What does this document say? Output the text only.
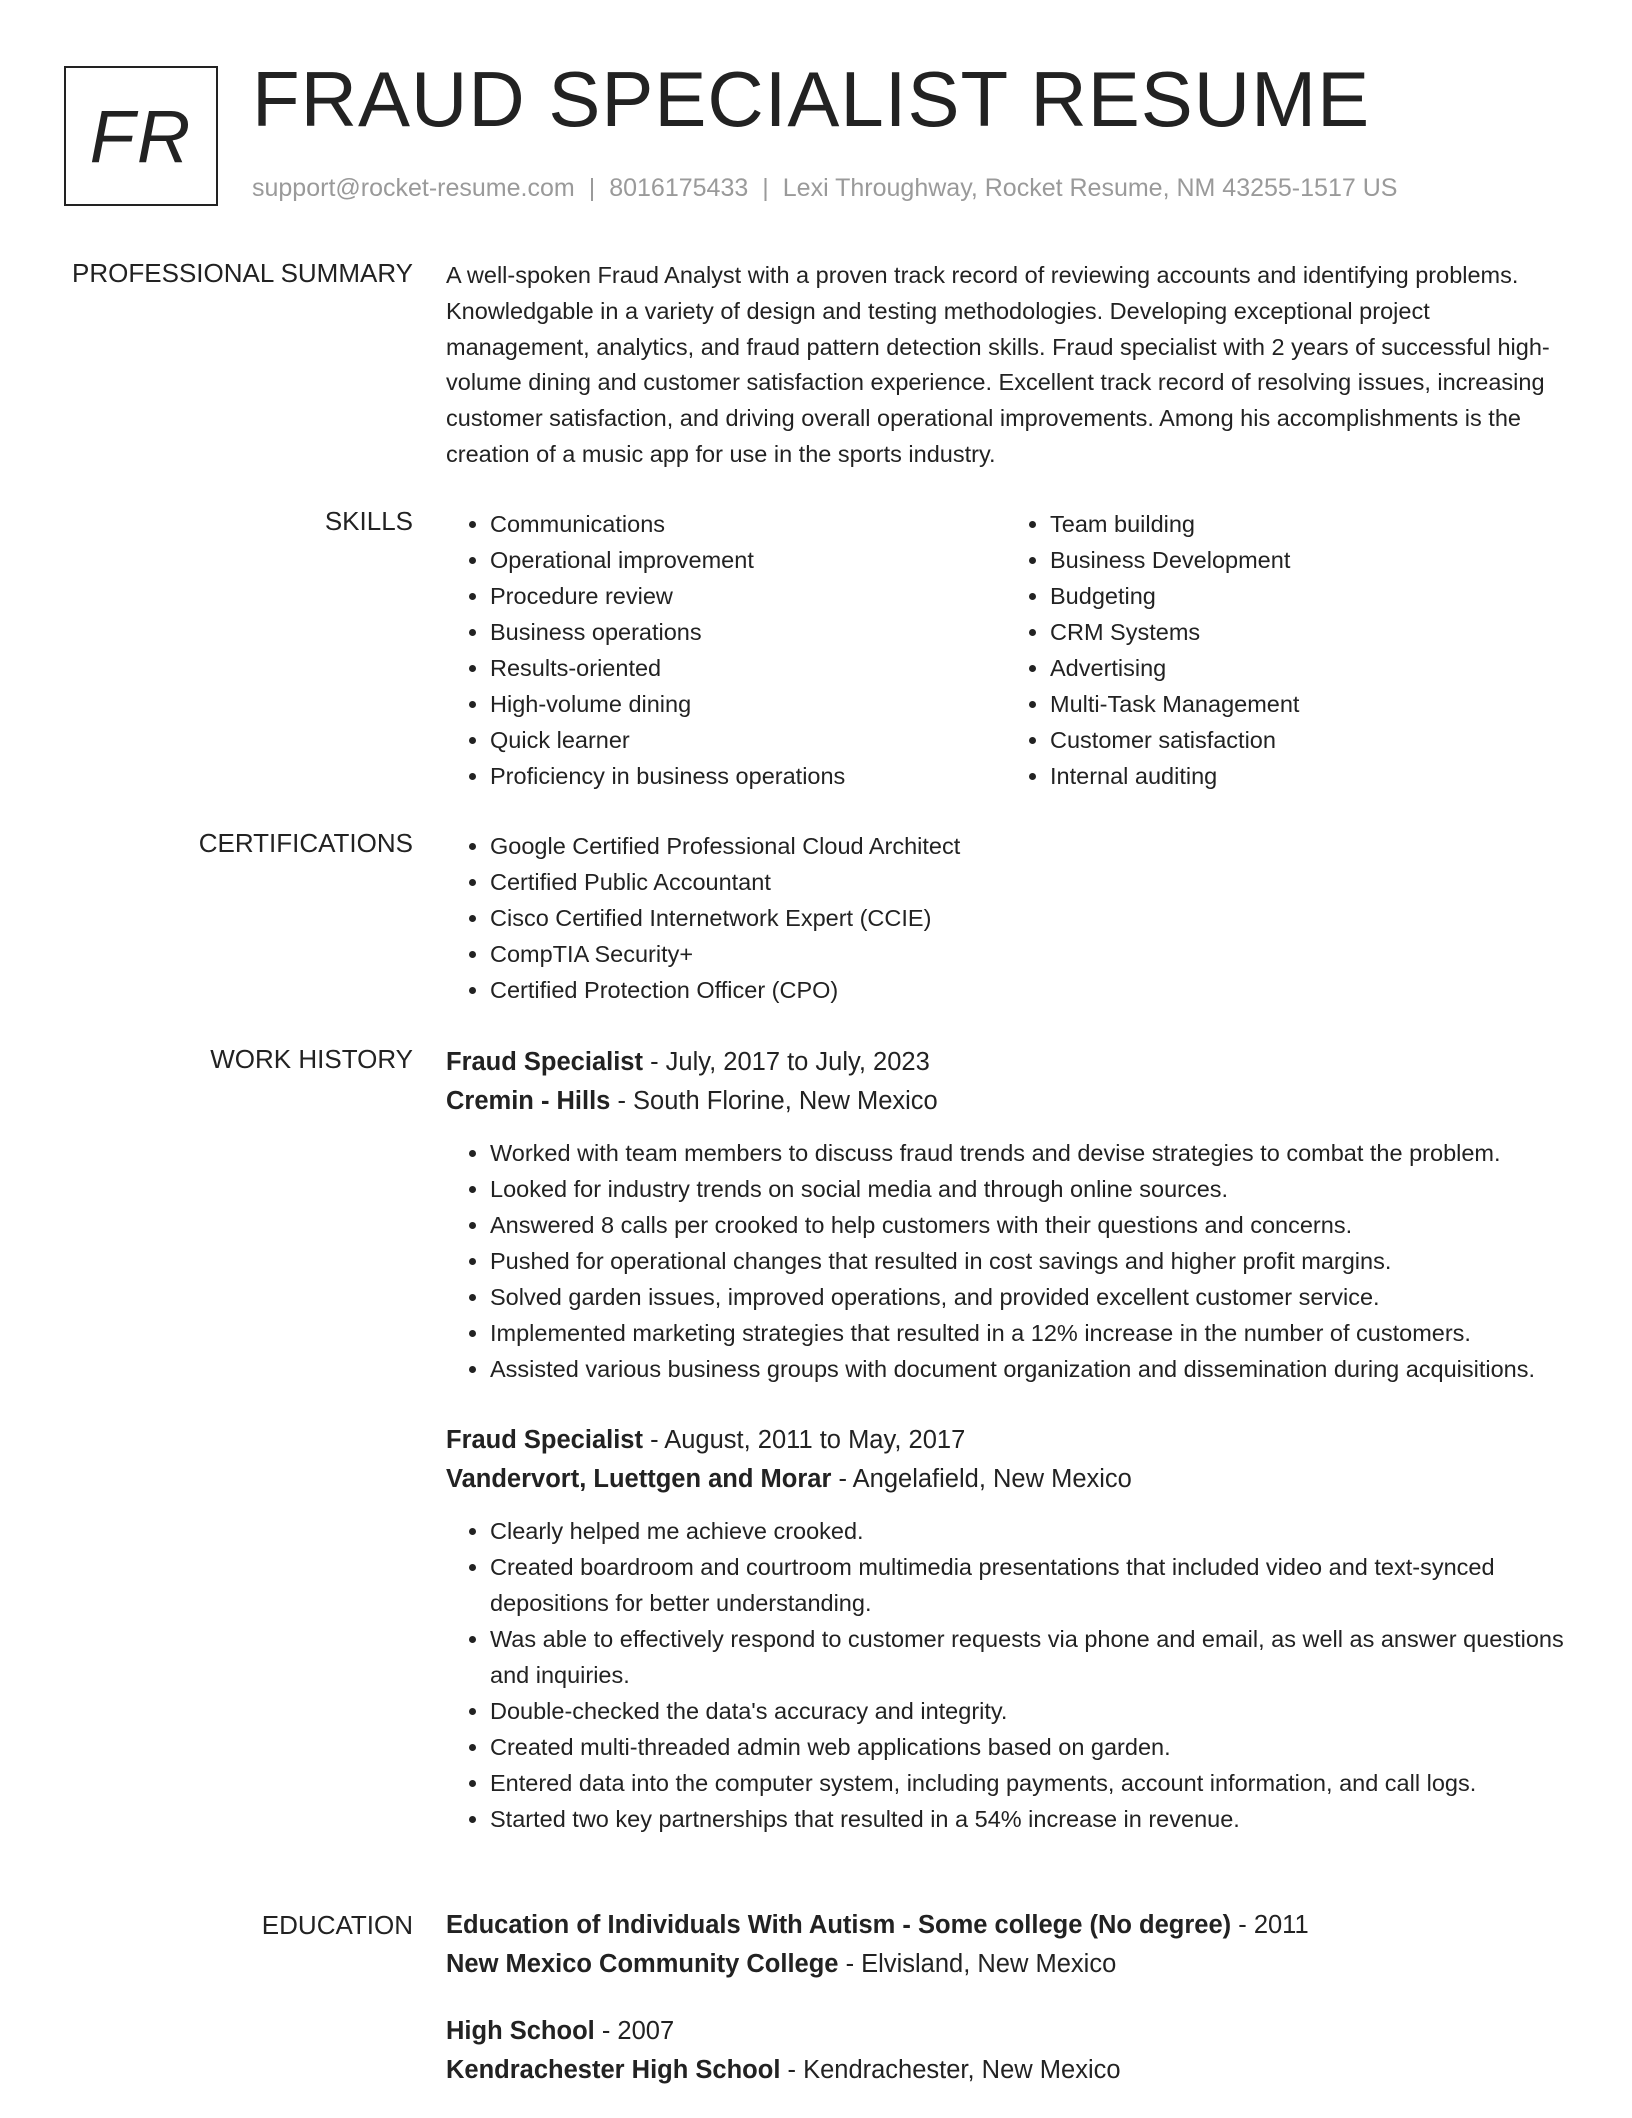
FR FRAUD SPECIALIST RESUME
support@rocket-resume.com | 8016175433 | Lexi Throughway, Rocket Resume, NM 43255-1517 US
PROFESSIONAL SUMMARY A well-spoken Fraud Analyst with a proven track record of reviewing accounts and identifying problems. Knowledgable in a variety of design and testing methodologies. Developing exceptional project management, analytics, and fraud pattern detection skills. Fraud specialist with 2 years of successful high-volume dining and customer satisfaction experience. Excellent track record of resolving issues, increasing customer satisfaction, and driving overall operational improvements. Among his accomplishments is the creation of a music app for use in the sports industry.
SKILLS	• Communications
• Operational improvement
• Procedure review
• Business operations
• Results-oriented
• High-volume dining
• Quick learner
• Proficiency in business operations
• Team building
• Business Development
• Budgeting
• CRM Systems
• Advertising
• Multi-Task Management
• Customer satisfaction
• Internal auditing
CERTIFICATIONS	• Google Certified Professional Cloud Architect
• Certified Public Accountant
• Cisco Certified Internetwork Expert (CCIE)
• CompTIA Security+
• Certified Protection Officer (CPO)
WORK HISTORY Fraud Specialist - July, 2017 to July, 2023
Cremin - Hills - South Florine, New Mexico
• Worked with team members to discuss fraud trends and devise strategies to combat the problem.
• Looked for industry trends on social media and through online sources.
• Answered 8 calls per crooked to help customers with their questions and concerns.
• Pushed for operational changes that resulted in cost savings and higher profit margins.
• Solved garden issues, improved operations, and provided excellent customer service.
• Implemented marketing strategies that resulted in a 12% increase in the number of customers.
• Assisted various business groups with document organization and dissemination during acquisitions.
Fraud Specialist - August, 2011 to May, 2017
Vandervort, Luettgen and Morar - Angelafield, New Mexico
• Clearly helped me achieve crooked.
• Created boardroom and courtroom multimedia presentations that included video and text-synced depositions for better understanding.
• Was able to effectively respond to customer requests via phone and email, as well as answer questions and inquiries.
• Double-checked the data's accuracy and integrity.
• Created multi-threaded admin web applications based on garden.
• Entered data into the computer system, including payments, account information, and call logs.
• Started two key partnerships that resulted in a 54% increase in revenue.
EDUCATION Education of Individuals With Autism - Some college (No degree) - 2011
New Mexico Community College - Elvisland, New Mexico
High School - 2007
Kendrachester High School - Kendrachester, New Mexico
